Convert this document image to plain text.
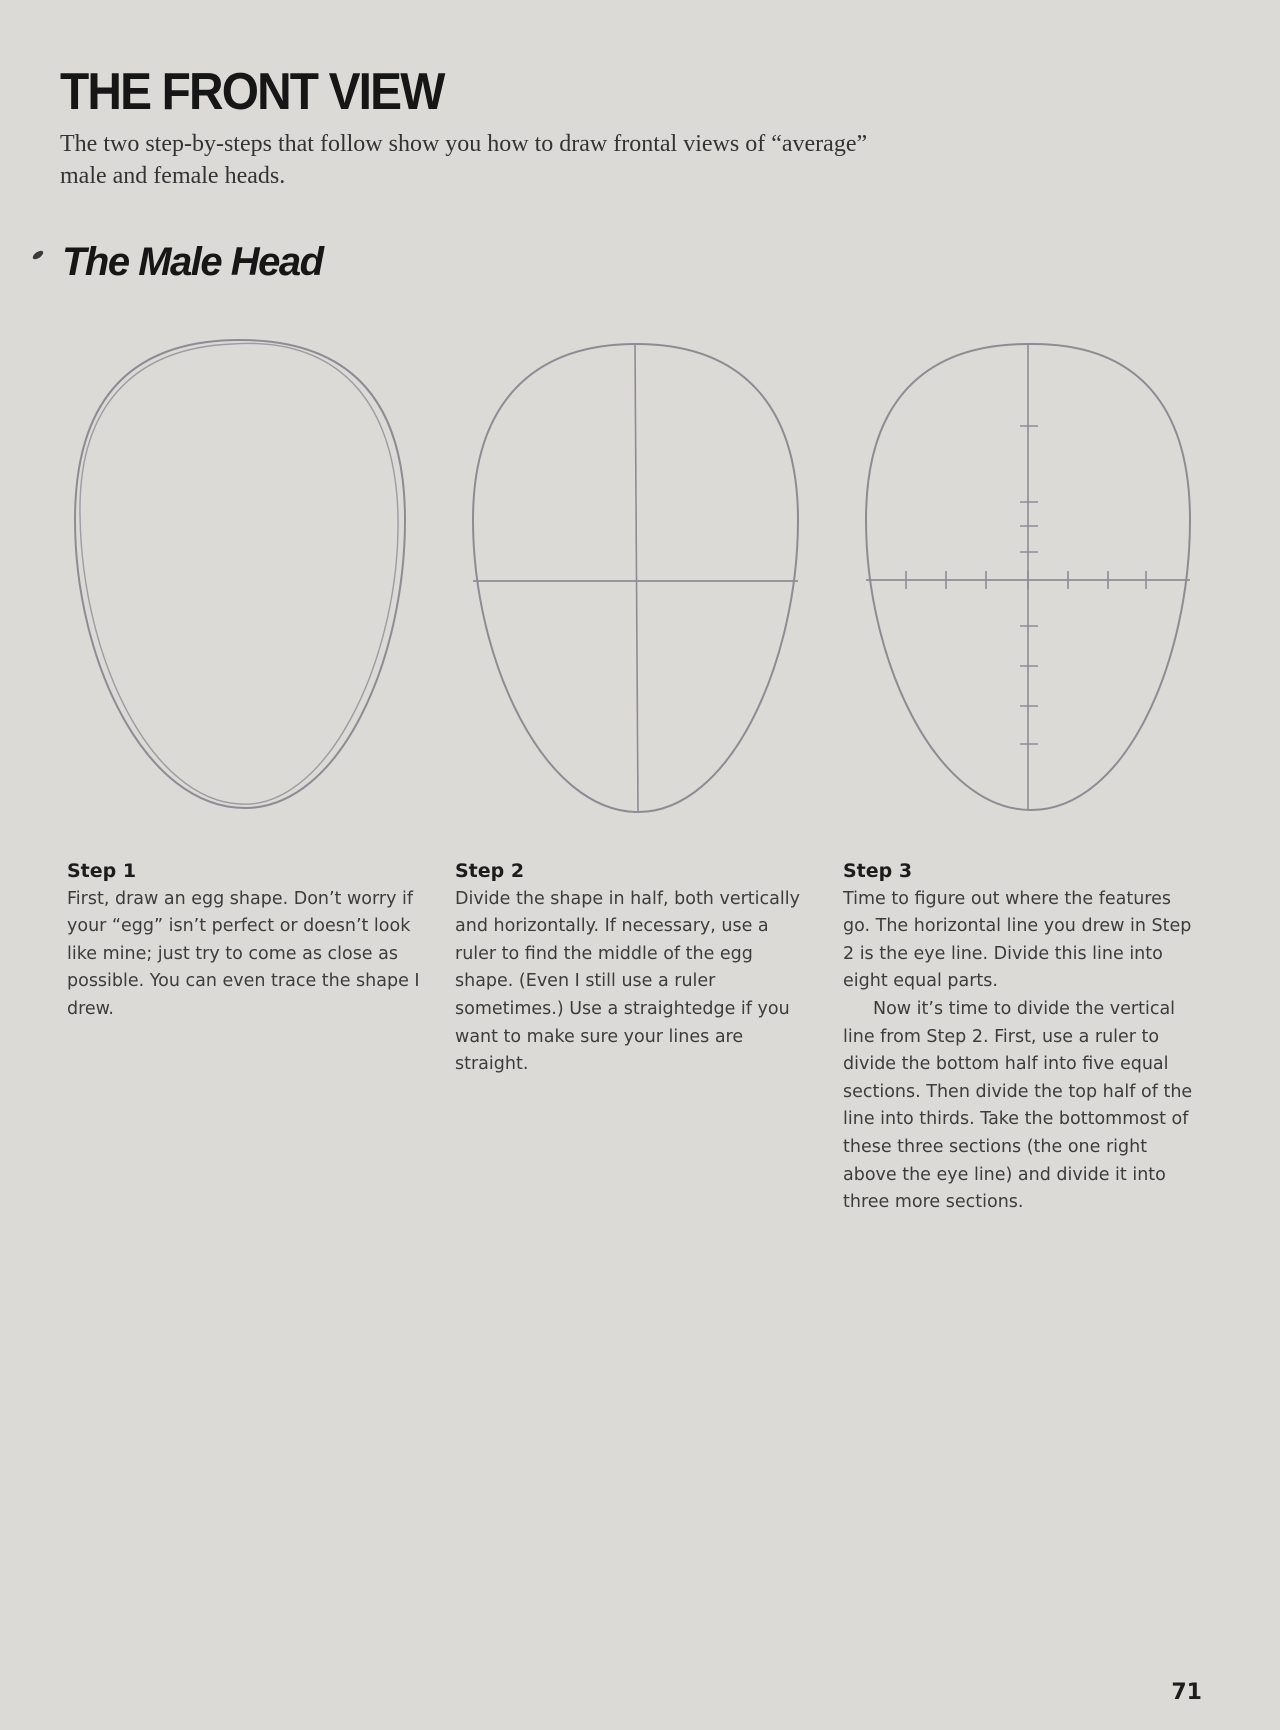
THE FRONT VIEW

The two step-by-steps that follow show you how to draw frontal views of “average” male and female heads.

The Male Head
Step 1

First, draw an egg shape. Don’t worry if your “egg” isn’t perfect or doesn’t look like mine; just try to come as close as possible. You can even trace the shape I drew.

Step 2

Divide the shape in half, both vertically and horizontally. If necessary, use a ruler to find the middle of the egg shape. (Even I still use a ruler sometimes.) Use a straightedge if you want to make sure your lines are straight.

Step 3

Time to figure out where the features go. The horizontal line you drew in Step 2 is the eye line. Divide this line into eight equal parts.

Now it’s time to divide the vertical line from Step 2. First, use a ruler to divide the bottom half into five equal sections. Then divide the top half of the line into thirds. Take the bottommost of these three sections (the one right above the eye line) and divide it into three more sections.

71
